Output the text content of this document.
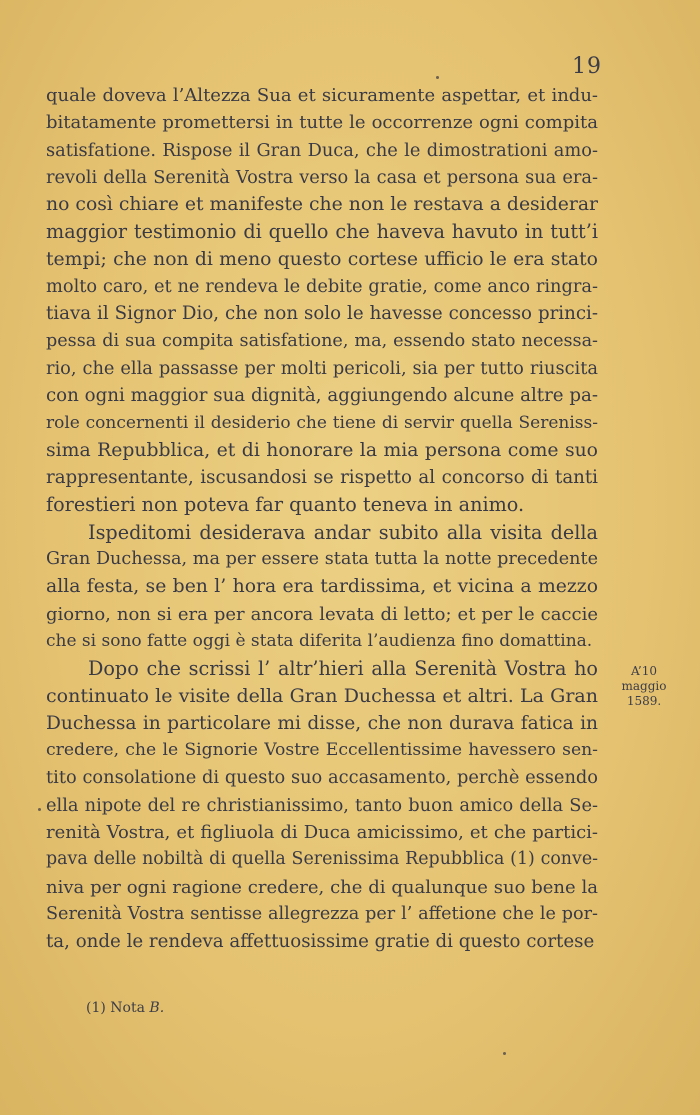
19
quale doveva l’Altezza Sua et sicuramente aspettar, et indu-
bitatamente promettersi in tutte le occorrenze ogni compita
satisfatione. Rispose il Gran Duca, che le dimostrationi amo-
revoli della Serenità Vostra verso la casa et persona sua era-
no così chiare et manifeste che non le restava a desiderar
maggior testimonio di quello che haveva havuto in tutt’i
tempi; che non di meno questo cortese ufficio le era stato
molto caro, et ne rendeva le debite gratie, come anco ringra-
tiava il Signor Dio, che non solo le havesse concesso princi-
pessa di sua compita satisfatione, ma, essendo stato necessa-
rio, che ella passasse per molti pericoli, sia per tutto riuscita
con ogni maggior sua dignità, aggiungendo alcune altre pa-
role concernenti il desiderio che tiene di servir quella Sereniss-
sima Repubblica, et di honorare la mia persona come suo
rappresentante, iscusandosi se rispetto al concorso di tanti
forestieri non poteva far quanto teneva in animo.
Ispeditomi desiderava andar subito alla visita della
Gran Duchessa, ma per essere stata tutta la notte precedente
alla festa, se ben l’ hora era tardissima, et vicina a mezzo
giorno, non si era per ancora levata di letto; et per le caccie
che si sono fatte oggi è stata diferita l’audienza fino domattina.
Dopo che scrissi l’ altr’hieri alla Serenità Vostra ho
continuato le visite della Gran Duchessa et altri. La Gran
Duchessa in particolare mi disse, che non durava fatica in
credere, che le Signorie Vostre Eccellentissime havessero sen-
tito consolatione di questo suo accasamento, perchè essendo
ella nipote del re christianissimo, tanto buon amico della Se-
renità Vostra, et figliuola di Duca amicissimo, et che partici-
pava delle nobiltà di quella Serenissima Repubblica (1) conve-
niva per ogni ragione credere, che di qualunque suo bene la
Serenità Vostra sentisse allegrezza per l’ affetione che le por-
ta, onde le rendeva affettuosissime gratie di questo cortese
A’10
maggio
1589.
(1) Nota B.
